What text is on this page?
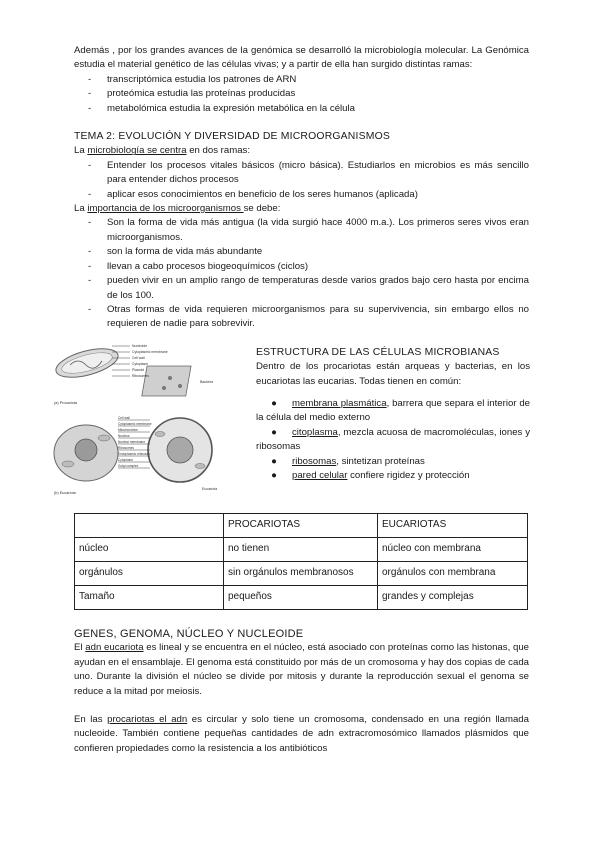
Además , por los grandes avances de la genómica se desarrolló la microbiología molecular. La Genómica estudia el material genético de las células vivas; y a partir de ella han surgido distintas ramas:

- transcriptómica estudia los patrones de ARN
- proteómica estudia las proteínas producidas
- metabolómica estudia la expresión metabólica en la célula

TEMA 2: EVOLUCIÓN Y DIVERSIDAD DE MICROORGANISMOS

La microbiología se centra en dos ramas:

- Entender los procesos vitales básicos (micro básica). Estudiarlos en microbios es más sencillo para entender dichos procesos
- aplicar esos conocimientos en beneficio de los seres humanos (aplicada)

La importancia de los microorganismos se debe:

- Son la forma de vida más antigua (la vida surgió hace 4000 m.a.). Los primeros seres vivos eran microorganismos.
- son la forma de vida más abundante
- llevan a cabo procesos biogeoquímicos (ciclos)
- pueden vivir en un amplio rango de temperaturas desde varios grados bajo cero hasta por encima de los 100.
- Otras formas de vida requieren microorganismos para su supervivencia, sin embargo ellos no requieren de nadie para sobrevivir.
Nucleoide
Cytoplasmic membrane
Cell wall
Cytoplasm
Plasmid
Ribosomes
Bacteria
(a) Procariota
Cell wall
Cytoplasmic membrane
Mitochondrion
Nucleus
Nuclear membrane
Ribosomes
Endoplasmic reticulum
Cytoplasm
Golgi complex
Eucariota
(b) Eucariota

ESTRUCTURA DE LAS CÉLULAS MICROBIANAS

Dentro de los procariotas están arqueas y bacterias, en los eucariotas las eucarias. Todas tienen en común:

● membrana plasmática, barrera que separa el interior de la célula del medio externo
● citoplasma, mezcla acuosa de macromoléculas, iones y ribosomas
● ribosomas, sintetizan proteínas
● pared celular confiere rigidez y protección
	PROCARIOTAS	EUCARIOTAS
núcleo	no tienen	núcleo con membrana
orgánulos	sin orgánulos membranosos	orgánulos con membrana
Tamaño	pequeños	grandes y complejas

GENES, GENOMA, NÚCLEO Y NUCLEOIDE

El adn eucariota es lineal y se encuentra en el núcleo, está asociado con proteínas como las histonas, que ayudan en el ensamblaje. El genoma está constituido por más de un cromosoma y hay dos copias de cada uno. Durante la división el núcleo se divide por mitosis y durante la reproducción sexual el genoma se reduce a la mitad por meiosis.

En las procariotas el adn es circular y solo tiene un cromosoma, condensado en una región llamada nucleoide. También contiene pequeñas cantidades de adn extracromosómico llamados plásmidos que confieren propiedades como la resistencia a los antibióticos
